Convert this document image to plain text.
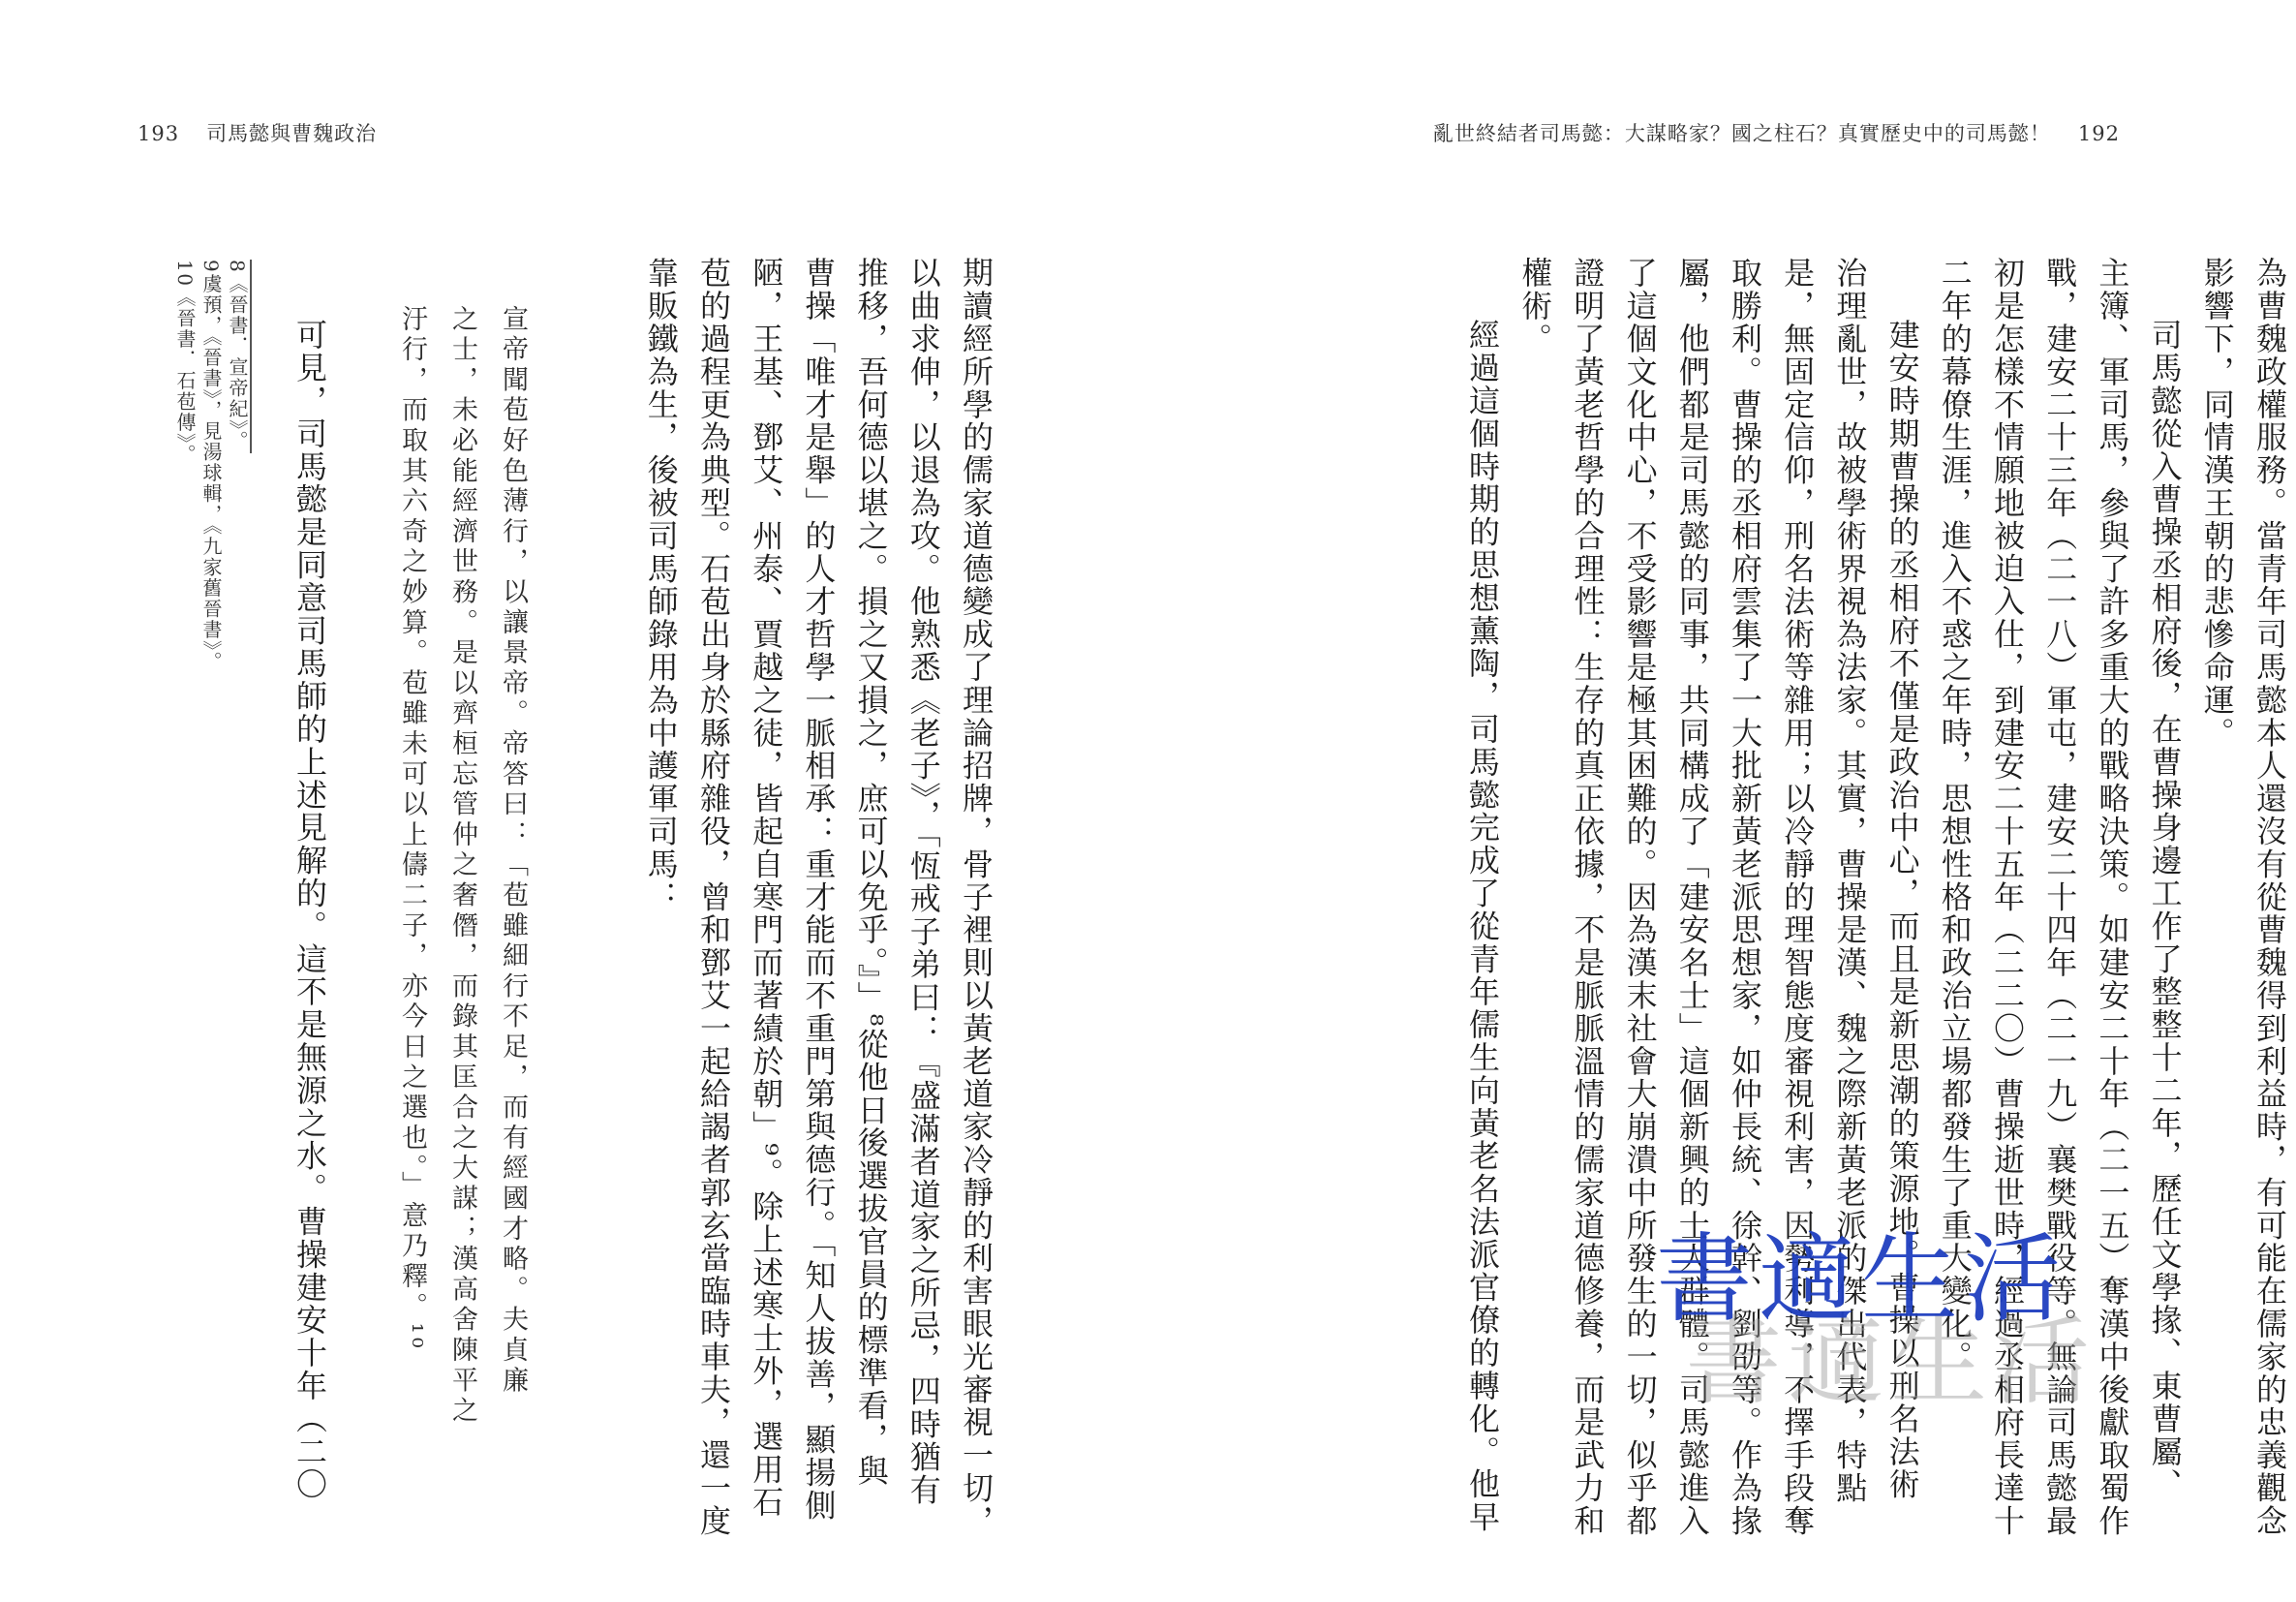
193 司馬懿與曹魏政治
期讀經所學的儒家道德變成了理論招牌，骨子裡則以黃老道家冷靜的利害眼光審視一切，
以曲求伸，以退為攻。他熟悉《老子》，「恆戒子弟曰：『盛滿者道家之所忌，四時猶有
推移，吾何德以堪之。損之又損之，庶可以免乎。』」⁸從他日後選拔官員的標準看，與
曹操「唯才是舉」的人才哲學一脈相承：重才能而不重門第與德行。「知人拔善，顯揚側
陋，王基、鄧艾、州泰、賈越之徒，皆起自寒門而著績於朝」⁹。除上述寒士外，選用石
苞的過程更為典型。石苞出身於縣府雜役，曾和鄧艾一起給謁者郭玄當臨時車夫，還一度
靠販鐵為生，後被司馬師錄用為中護軍司馬：
宣帝聞苞好色薄行，以讓景帝。帝答曰：「苞雖細行不足，而有經國才略。夫貞廉
之士，未必能經濟世務。是以齊桓忘管仲之奢僭，而錄其匡合之大謀；漢高舍陳平之
汙行，而取其六奇之妙算。苞雖未可以上儔二子，亦今日之選也。」意乃釋。¹⁰
可見，司馬懿是同意司馬師的上述見解的。這不是無源之水。曹操建安十年（二〇
8《晉書．宣帝紀》。
9虞預，《晉書》，見湯球輯，《九家舊晉書》。
10《晉書．石苞傳》。
亂世終結者司馬懿：大謀略家？國之柱石？真實歷史中的司馬懿！ 192
為曹魏政權服務。當青年司馬懿本人還沒有從曹魏得到利益時，有可能在儒家的忠義觀念
影響下，同情漢王朝的悲慘命運。
司馬懿從入曹操丞相府後，在曹操身邊工作了整整十二年，歷任文學掾、東曹屬、
主簿、軍司馬，參與了許多重大的戰略決策。如建安二十年（二一五）奪漢中後獻取蜀作
戰，建安二十三年（二一八）軍屯，建安二十四年（二一九）襄樊戰役等。無論司馬懿最
初是怎樣不情願地被迫入仕，到建安二十五年（二二〇）曹操逝世時，經過丞相府長達十
二年的幕僚生涯，進入不惑之年時，思想性格和政治立場都發生了重大變化。
建安時期曹操的丞相府不僅是政治中心，而且是新思潮的策源地。曹操以刑名法術
治理亂世，故被學術界視為法家。其實，曹操是漢、魏之際新黃老派的傑出代表，特點
是，無固定信仰，刑名法術等雜用；以冷靜的理智態度審視利害，因勢利導，不擇手段奪
取勝利。曹操的丞相府雲集了一大批新黃老派思想家，如仲長統、徐幹、劉劭等。作為掾
屬，他們都是司馬懿的同事，共同構成了「建安名士」這個新興的士人群體。司馬懿進入
了這個文化中心，不受影響是極其困難的。因為漢末社會大崩潰中所發生的一切，似乎都
證明了黃老哲學的合理性：生存的真正依據，不是脈脈溫情的儒家道德修養，而是武力和
權術。
經過這個時期的思想薰陶，司馬懿完成了從青年儒生向黃老名法派官僚的轉化。他早 書適生活
書適生活
